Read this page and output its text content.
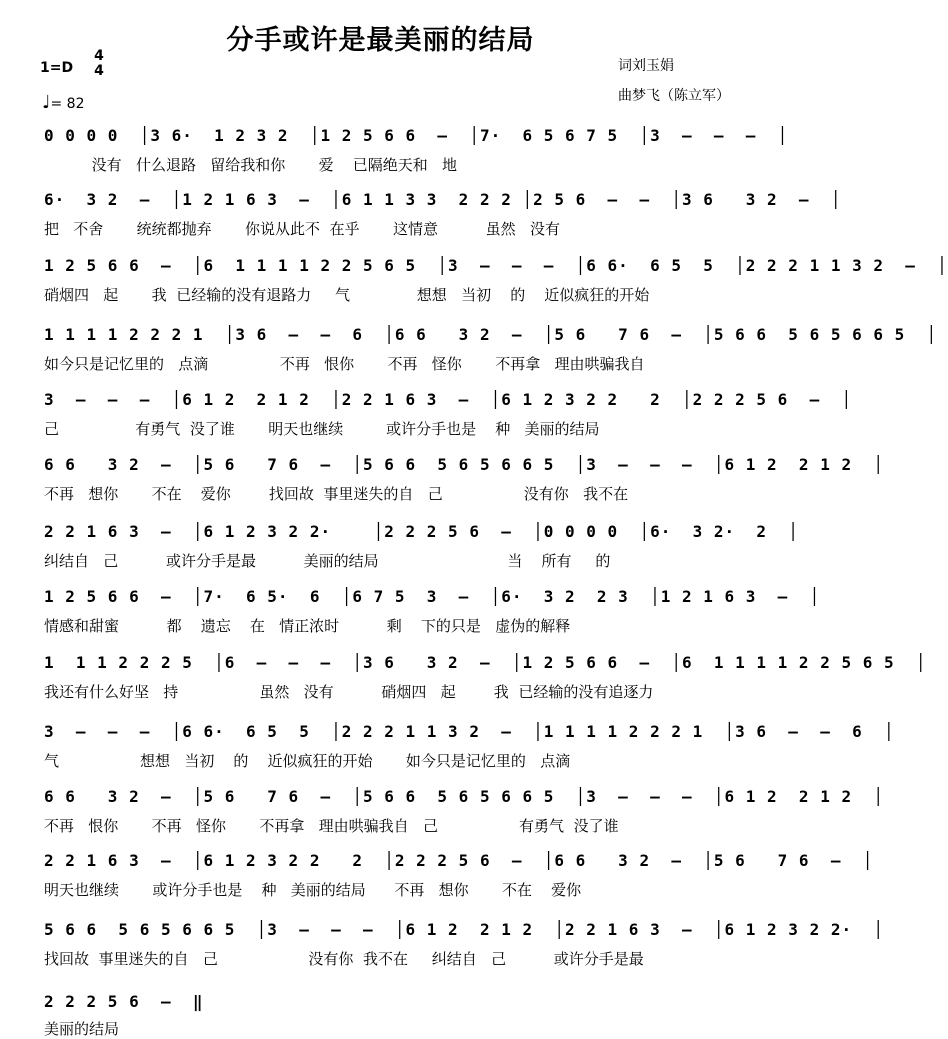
分手或许是最美丽的结局
1=D
4
4
♩= 82
词刘玉娟
曲梦飞（陈立军）
0 0 0 0  │3 6·  1 2 3 2  │1 2 5 6 6  –  │7·  6 5 6 7 5  │3  –  –  –  │
没有   什么退路   留给我和你       爱    已隔绝天和   地
6·  3 2  –  │1 2 1 6 3  –  │6 1 1 3 3  2 2 2 │2 5 6  –  –  │3 6   3 2  –  │
把   不舍       统统都抛弃       你说从此不  在乎       这情意          虽然   没有
1 2 5 6 6  –  │6  1 1 1 1 2 2 5 6 5  │3  –  –  –  │6 6·  6 5  5  │2 2 2 1 1 3 2  –  │
硝烟四   起       我  已经输的没有退路力     气              想想   当初    的    近似疯狂的开始
1 1 1 1 2 2 2 1  │3 6  –  –  6  │6 6   3 2  –  │5 6   7 6  –  │5 6 6  5 6 5 6 6 5  │
如今只是记忆里的   点滴               不再   恨你       不再   怪你       不再拿   理由哄骗我自
3  –  –  –  │6 1 2  2 1 2  │2 2 1 6 3  –  │6 1 2 3 2 2   2  │2 2 2 5 6  –  │
己                有勇气  没了谁       明天也继续         或许分手也是    种   美丽的结局
6 6   3 2  –  │5 6   7 6  –  │5 6 6  5 6 5 6 6 5  │3  –  –  –  │6 1 2  2 1 2  │
不再   想你       不在    爱你        找回故  事里迷失的自   己                 没有你   我不在
2 2 1 6 3  –  │6 1 2 3 2 2·    │2 2 2 5 6  –  │0 0 0 0  │6·  3 2·  2  │
纠结自   己          或许分手是最          美丽的结局                           当    所有     的
1 2 5 6 6  –  │7·  6 5·  6  │6 7 5  3  –  │6·  3 2  2 3  │1 2 1 6 3  –  │
情感和甜蜜          都    遗忘    在   情正浓时          剩    下的只是   虚伪的解释
1  1 1 2 2 2 5  │6  –  –  –  │3 6   3 2  –  │1 2 5 6 6  –  │6  1 1 1 1 2 2 5 6 5  │
我还有什么好坚   持                 虽然   没有          硝烟四   起        我  已经输的没有追逐力
3  –  –  –  │6 6·  6 5  5  │2 2 2 1 1 3 2  –  │1 1 1 1 2 2 2 1  │3 6  –  –  6  │
气                 想想   当初    的    近似疯狂的开始       如今只是记忆里的   点滴
6 6   3 2  –  │5 6   7 6  –  │5 6 6  5 6 5 6 6 5  │3  –  –  –  │6 1 2  2 1 2  │
不再   恨你       不再   怪你       不再拿   理由哄骗我自   己                 有勇气  没了谁
2 2 1 6 3  –  │6 1 2 3 2 2   2  │2 2 2 5 6  –  │6 6   3 2  –  │5 6   7 6  –  │
明天也继续       或许分手也是    种   美丽的结局      不再   想你       不在    爱你
5 6 6  5 6 5 6 6 5  │3  –  –  –  │6 1 2  2 1 2  │2 2 1 6 3  –  │6 1 2 3 2 2·  │
找回故  事里迷失的自   己                   没有你  我不在     纠结自   己          或许分手是最
2 2 2 5 6  –  ‖
美丽的结局
